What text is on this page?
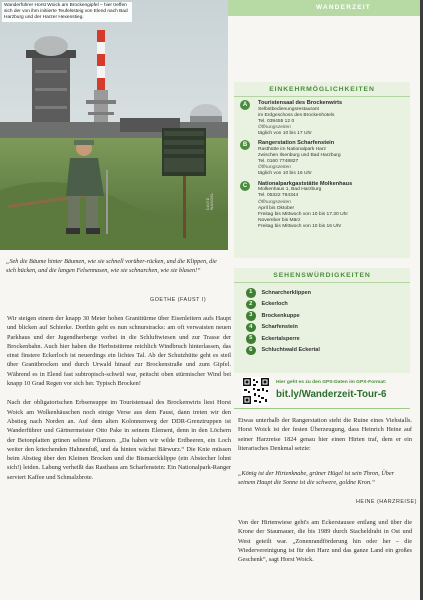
WANDERZEIT
Wanderführer Horst Woick am Brockengipfel – hier treffen sich der von ihm initiierte Teufelssteig von Elend nach Bad Harzburg und der Harzer Hexenstieg.
DAVID WANDEL
„Seh die Bäume hinter Bäumen, wie sie schnell vorüber-rücken, und die Klippen, die sich bücken, und die langen Felsennasen, wie sie schnarchen, wie sie blasen!“
GOETHE (FAUST I)

Wir steigen einem der knapp 30 Meter hohen Granittürme über Eisenleitern aufs Haupt und blicken auf Schierke. Dorthin geht es nun schnurstracks: am oft verwaisten neuen Parkhaus und der Jugendherberge vorbei in die Schluftwiesen und zur Trasse der Brockenbahn. Auch hier haben die Herbststürme reichlich Windbruch hinterlassen, das einst finstere Eckerloch ist neuerdings ein lichtes Tal. Ab der Schutzhütte geht es steil über Granitbrocken und durch Urwald hinauf zur Brockenstraße und zum Gipfel. Während es in Elend fast subtropisch-schwül war, peitscht oben stürmischer Wind bei knapp 10 Grad Regen vor sich her. Typisch Brocken!

Nach der obligatorischen Erbsensuppe im Touristensaal des Brockenwirts liest Horst Woick am Wolkenhäuschen noch einige Verse aus dem Faust, dann treten wir den Abstieg nach Norden an. Auf dem alten Kolonnenweg der DDR-Grenztruppen ist Wanderführer und Gärtnermeister Otto Pake in seinem Element, denn in den Löchern der Betonplatten grünen seltene Pflanzen. „Da haben wir wilde Erdbeeren, ein Loch weiter den kriechenden Hahnenfuß, und da hinten wächst Bärwurz.“ Die Knie müssen beim Abstieg über den Kleinen Brocken und die Bismarckklippe (ein Abstecher lohnt sich!) leiden. Labung verheißt das Rasthaus am Scharfenstein: Ein Nationalpark-Ranger serviert Kaffee und Schmalzbrote.

EINKEHRMÖGLICHKEITEN
A	Touristensaal des Brockenwirts
Selbstbedienungsrestaurant
im Erdgeschoss des Brockenhotels
Tel. 039455 12 0
Öffnungszeiten
täglich von 10 bis 17 Uhr
B	Rangerstation Scharfenstein
Rasthütte im Nationalpark Harz
zwischen Ilsenburg und Bad Harzburg
Tel. 0160 7748827
Öffnungszeiten
täglich von 10 bis 16 Uhr
C	Nationalparkgaststätte Molkenhaus
Molkenhaus 1, Bad Harzburg
Tel. 05322 784344
Öffnungszeiten
April bis Oktober
Freitag bis Mittwoch von 10 bis 17.30 Uhr
November bis März
Freitag bis Mittwoch von 10 bis 16 Uhr
SEHENSWÜRDIGKEITEN
1	Schnarcherklippen
2	Eckerloch
3	Brockenkuppe
4	Scharfenstein
5	Eckertalsperre
6	Schluchtwald Eckertal
Hier geht es zu den GPS-Daten im GPX-Format:
bit.ly/Wanderzeit-Tour-6
Etwas unterhalb der Rangerstation steht die Ruine eines Viehstalls. Horst Woick ist der festen Überzeugung, dass Heinrich Heine auf seiner Harzreise 1824 genau hier einen Hirten traf, dem er ein literarisches Denkmal setzte:
„König ist der Hirtenknabe, grüner Hügel ist sein Thron, Über seinem Haupt die Sonne ist die schwere, goldne Kron.“
HEINE (HARZREISE)
Von der Hirtenwiese geht's am Eckerstausee entlang und über die Krone der Staumauer, die bis 1989 durch Stacheldraht in Ost und West geteilt war. „Zonenrandförderung hin oder her – die Wiedervereinigung ist für den Harz und das ganze Land ein großes Geschenk“, sagt Horst Woick.
